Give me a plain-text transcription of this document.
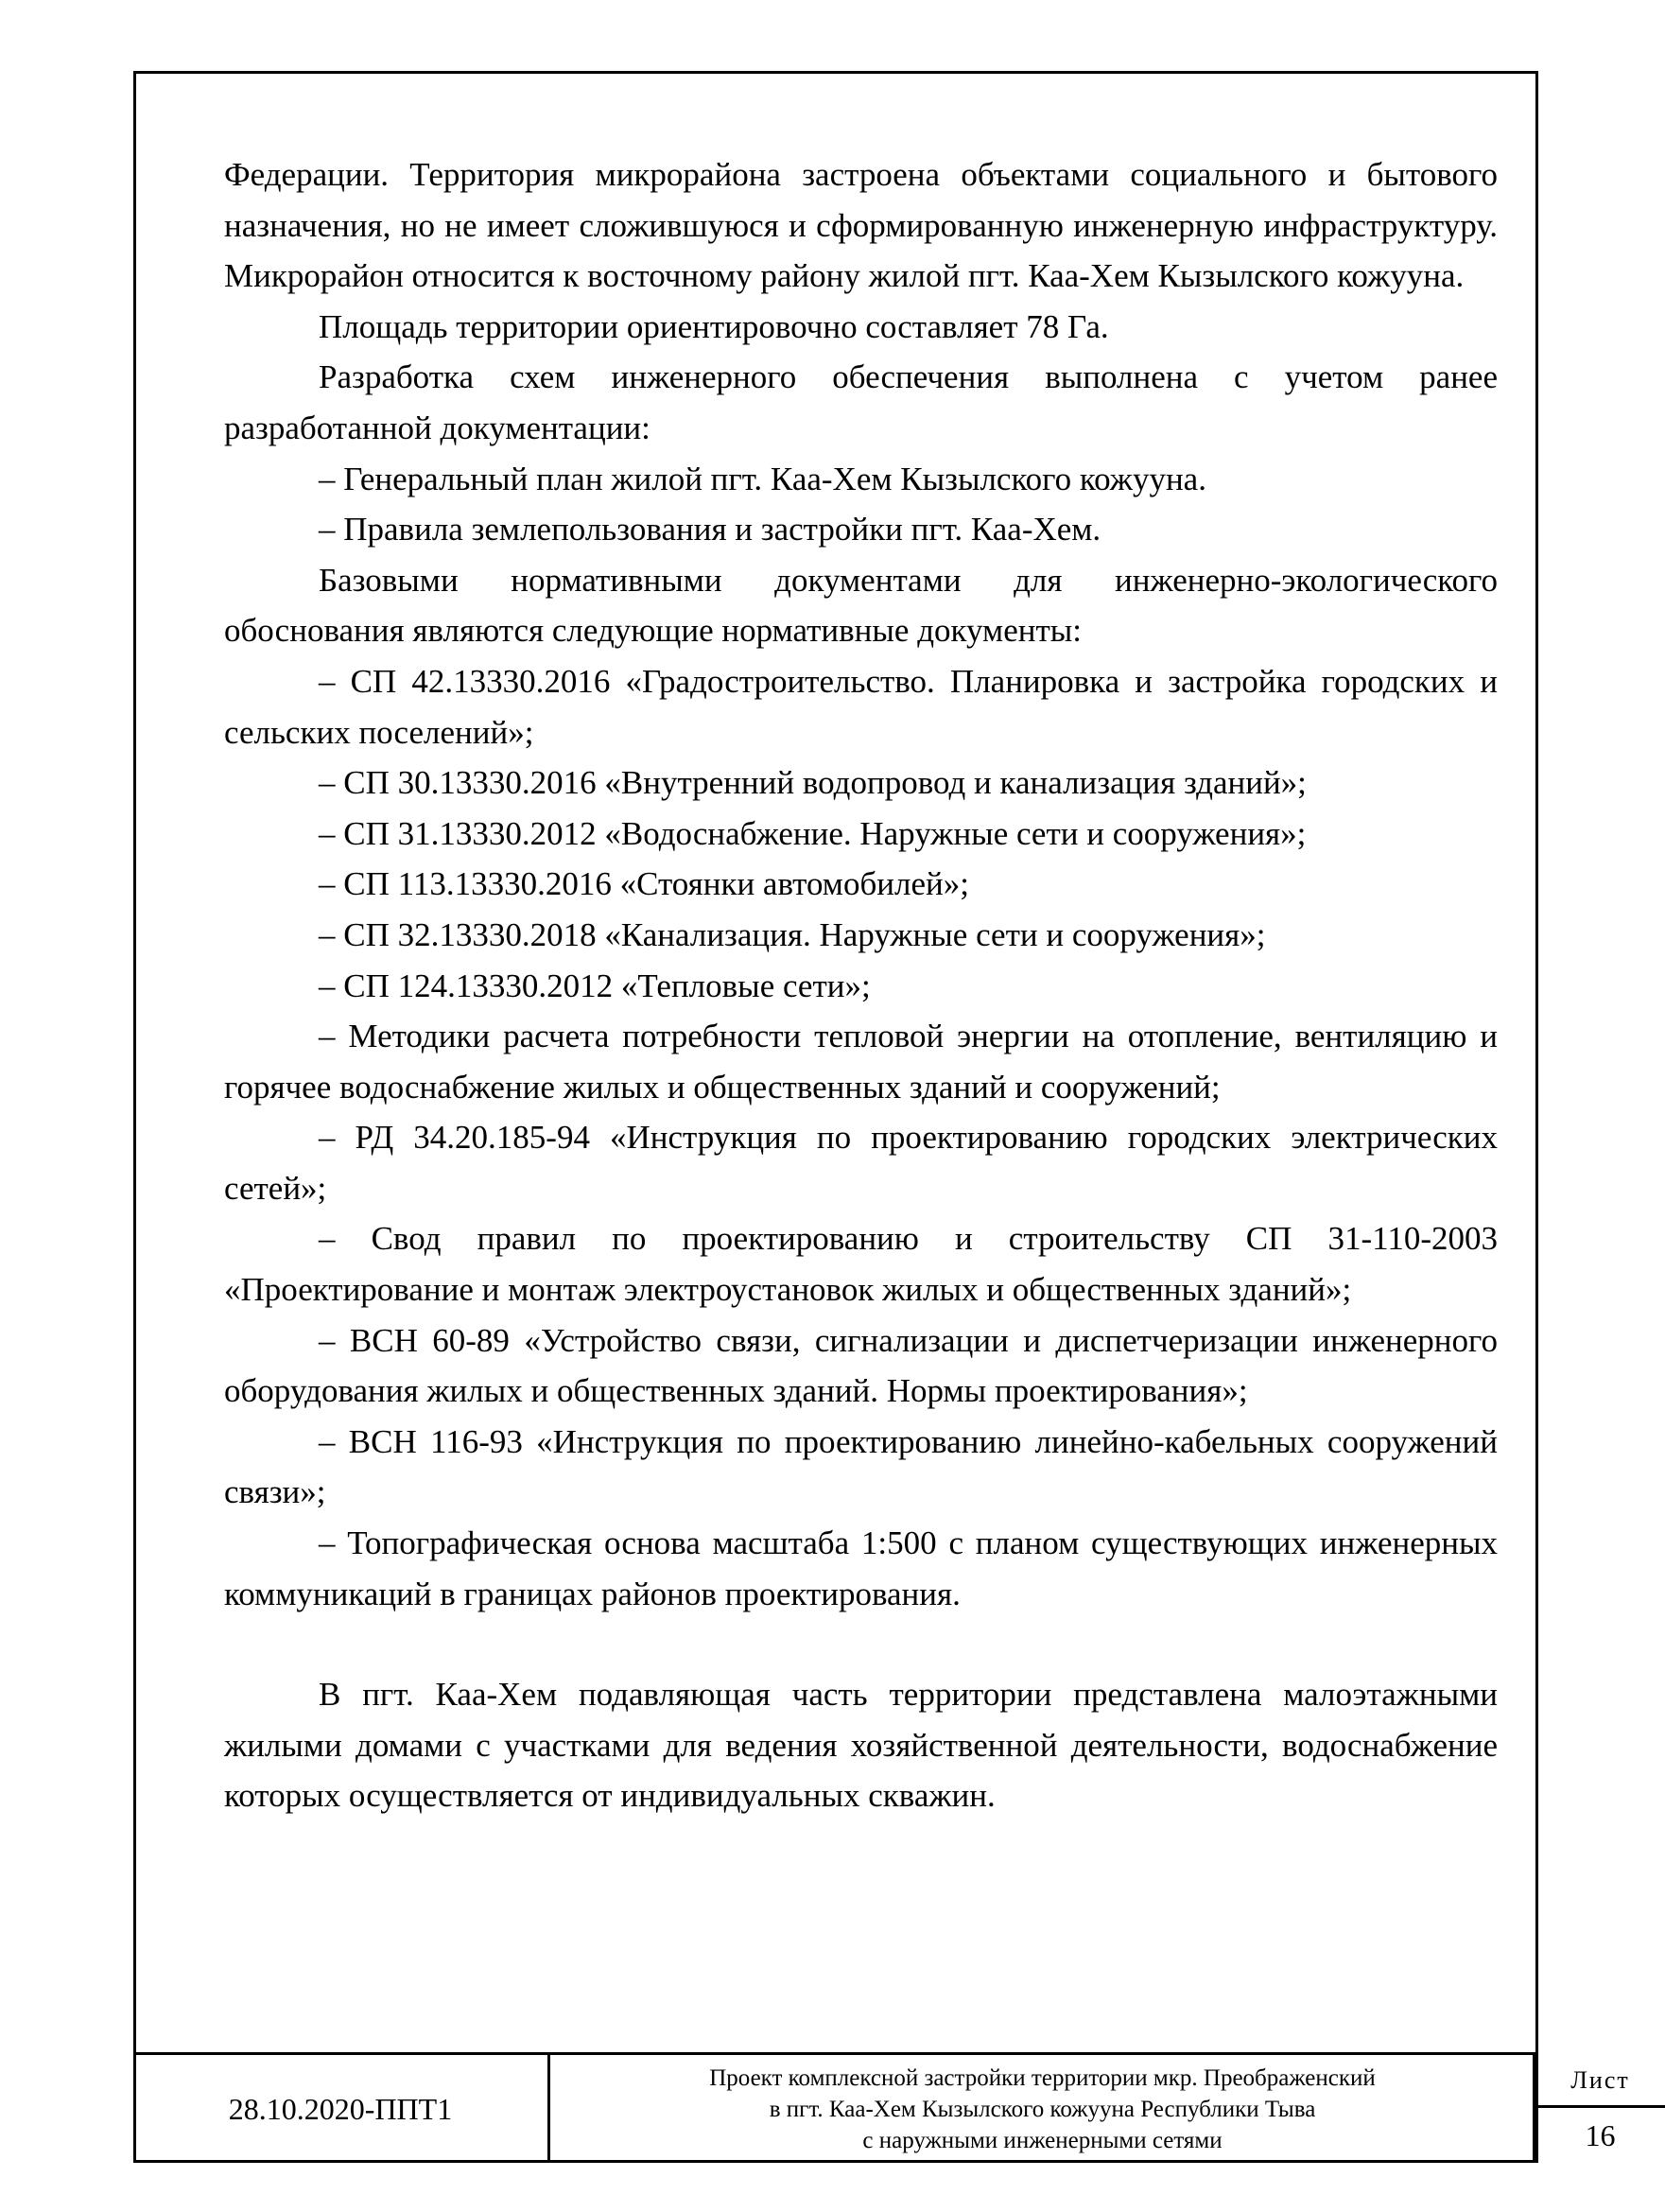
Федерации. Территория микрорайона застроена объектами социального и бытового назначения, но не имеет сложившуюся и сформированную инженерную инфраструктуру. Микрорайон относится к восточному району жилой пгт. Каа-Хем Кызылского кожууна.

Площадь территории ориентировочно составляет 78 Га.

Разработка схем инженерного обеспечения выполнена с учетом ранее разработанной документации:

– Генеральный план жилой пгт. Каа-Хем Кызылского кожууна.

– Правила землепользования и застройки пгт. Каа-Хем.

Базовыми нормативными документами для инженерно-экологического обоснования являются следующие нормативные документы:

– СП 42.13330.2016 «Градостроительство. Планировка и застройка городских и сельских поселений»;

– СП 30.13330.2016 «Внутренний водопровод и канализация зданий»;

– СП 31.13330.2012 «Водоснабжение. Наружные сети и сооружения»;

– СП 113.13330.2016 «Стоянки автомобилей»;

– СП 32.13330.2018 «Канализация. Наружные сети и сооружения»;

– СП 124.13330.2012 «Тепловые сети»;

– Методики расчета потребности тепловой энергии на отопление, вентиляцию и горячее водоснабжение жилых и общественных зданий и сооружений;

– РД 34.20.185-94 «Инструкция по проектированию городских электрических сетей»;

– Свод правил по проектированию и строительству СП 31-110-2003 «Проектирование и монтаж электроустановок жилых и общественных зданий»;

– ВСН 60-89 «Устройство связи, сигнализации и диспетчеризации инженерного оборудования жилых и общественных зданий. Нормы проектирования»;

– ВСН 116-93 «Инструкция по проектированию линейно-кабельных сооружений связи»;

– Топографическая основа масштаба 1:500 с планом существующих инженерных коммуникаций в границах районов проектирования.

В пгт. Каа-Хем подавляющая часть территории представлена малоэтажными жилыми домами с участками для ведения хозяйственной деятельности, водоснабжение которых осуществляется от индивидуальных скважин.

28.10.2020-ППТ1
Проект комплексной застройки территории мкр. Преображенский
в пгт. Каа-Хем Кызылского кожууна Республики Тыва
с наружными инженерными сетями
Лист
16
